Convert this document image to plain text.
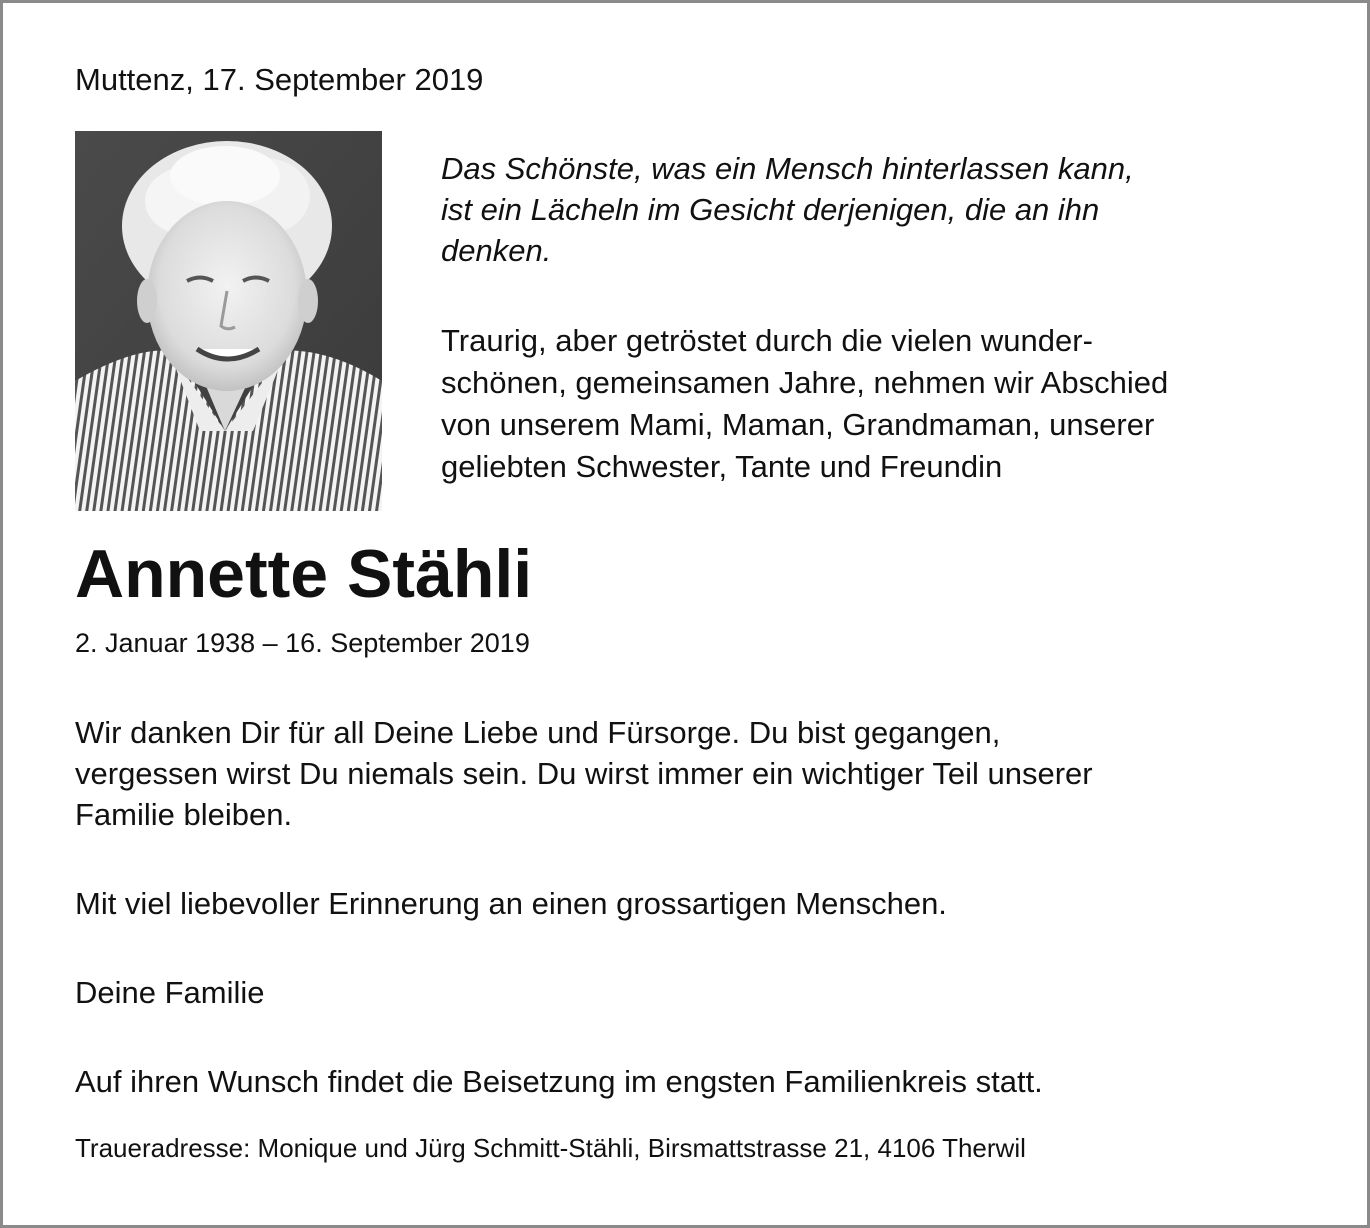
Muttenz, 17. September 2019

Das Schönste, was ein Mensch hinterlassen kann,
ist ein Lächeln im Gesicht derjenigen, die an ihn
denken.
Traurig, aber getröstet durch die vielen wunder-
schönen, gemeinsamen Jahre, nehmen wir Abschied
von unserem Mami, Maman, Grandmaman, unserer
geliebten Schwester, Tante und Freundin
Annette Stähli

2. Januar 1938 – 16. September 2019

Wir danken Dir für all Deine Liebe und Fürsorge. Du bist gegangen,
vergessen wirst Du niemals sein. Du wirst immer ein wichtiger Teil unserer
Familie bleiben.

Mit viel liebevoller Erinnerung an einen grossartigen Menschen.

Deine Familie

Auf ihren Wunsch findet die Beisetzung im engsten Familienkreis statt.

Traueradresse: Monique und Jürg Schmitt-Stähli, Birsmattstrasse 21, 4106 Therwil
